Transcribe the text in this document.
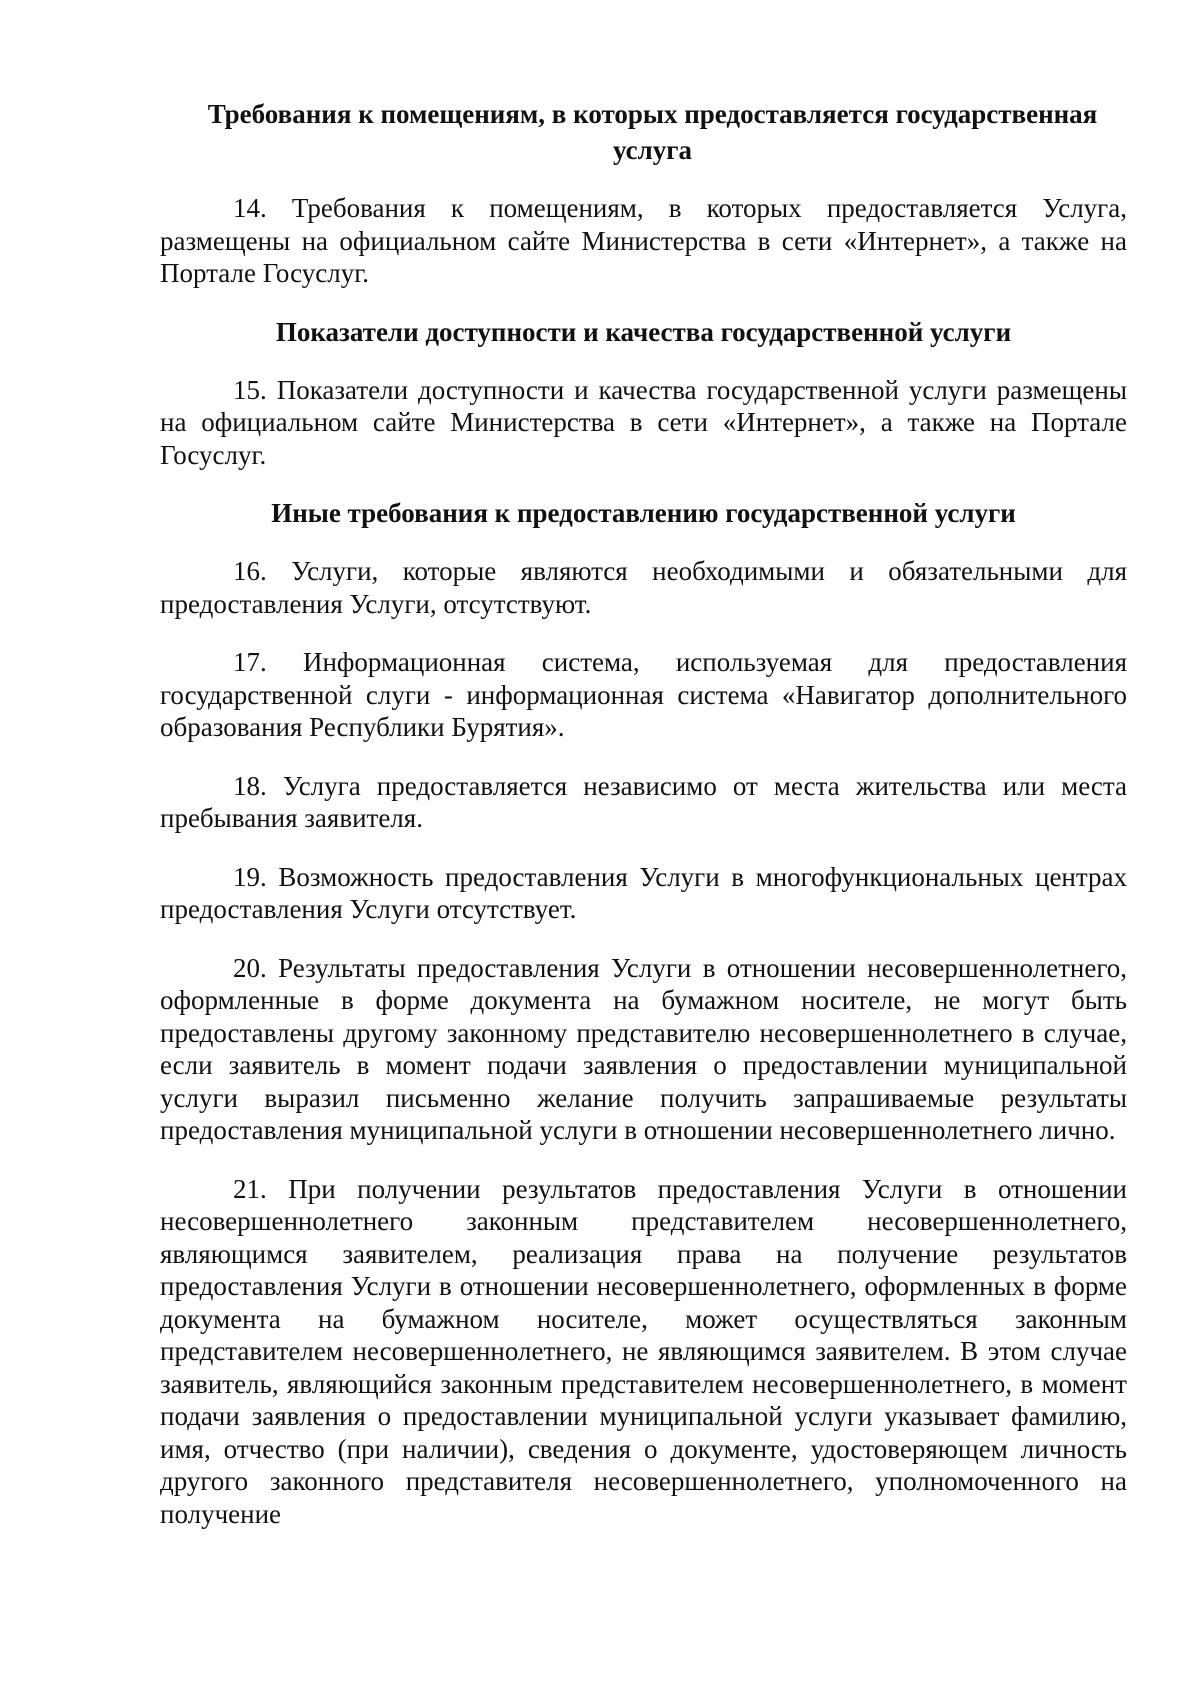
Требования к помещениям, в которых предоставляется государственная услуга

14. Требования к помещениям, в которых предоставляется Услуга, размещены на официальном сайте Министерства в сети «Интернет», а также на Портале Госуслуг.

Показатели доступности и качества государственной услуги

15. Показатели доступности и качества государственной услуги размещены на официальном сайте Министерства в сети «Интернет», а также на Портале Госуслуг.

Иные требования к предоставлению государственной услуги

16. Услуги, которые являются необходимыми и обязательными для предоставления Услуги, отсутствуют.

17. Информационная система, используемая для предоставления государственной слуги - информационная система «Навигатор дополнительного образования Республики Бурятия».

18. Услуга предоставляется независимо от места жительства или места пребывания заявителя.

19. Возможность предоставления Услуги в многофункциональных центрах предоставления Услуги отсутствует.

20. Результаты предоставления Услуги в отношении несовершеннолетнего, оформленные в форме документа на бумажном носителе, не могут быть предоставлены другому законному представителю несовершеннолетнего в случае, если заявитель в момент подачи заявления о предоставлении муниципальной услуги выразил письменно желание получить запрашиваемые результаты предоставления муниципальной услуги в отношении несовершеннолетнего лично.

21. При получении результатов предоставления Услуги в отношении несовершеннолетнего законным представителем несовершеннолетнего, являющимся заявителем, реализация права на получение результатов предоставления Услуги в отношении несовершеннолетнего, оформленных в форме документа на бумажном носителе, может осуществляться законным представителем несовершеннолетнего, не являющимся заявителем. В этом случае заявитель, являющийся законным представителем несовершеннолетнего, в момент подачи заявления о предоставлении муниципальной услуги указывает фамилию, имя, отчество (при наличии), сведения о документе, удостоверяющем личность другого законного представителя несовершеннолетнего, уполномоченного на получение
